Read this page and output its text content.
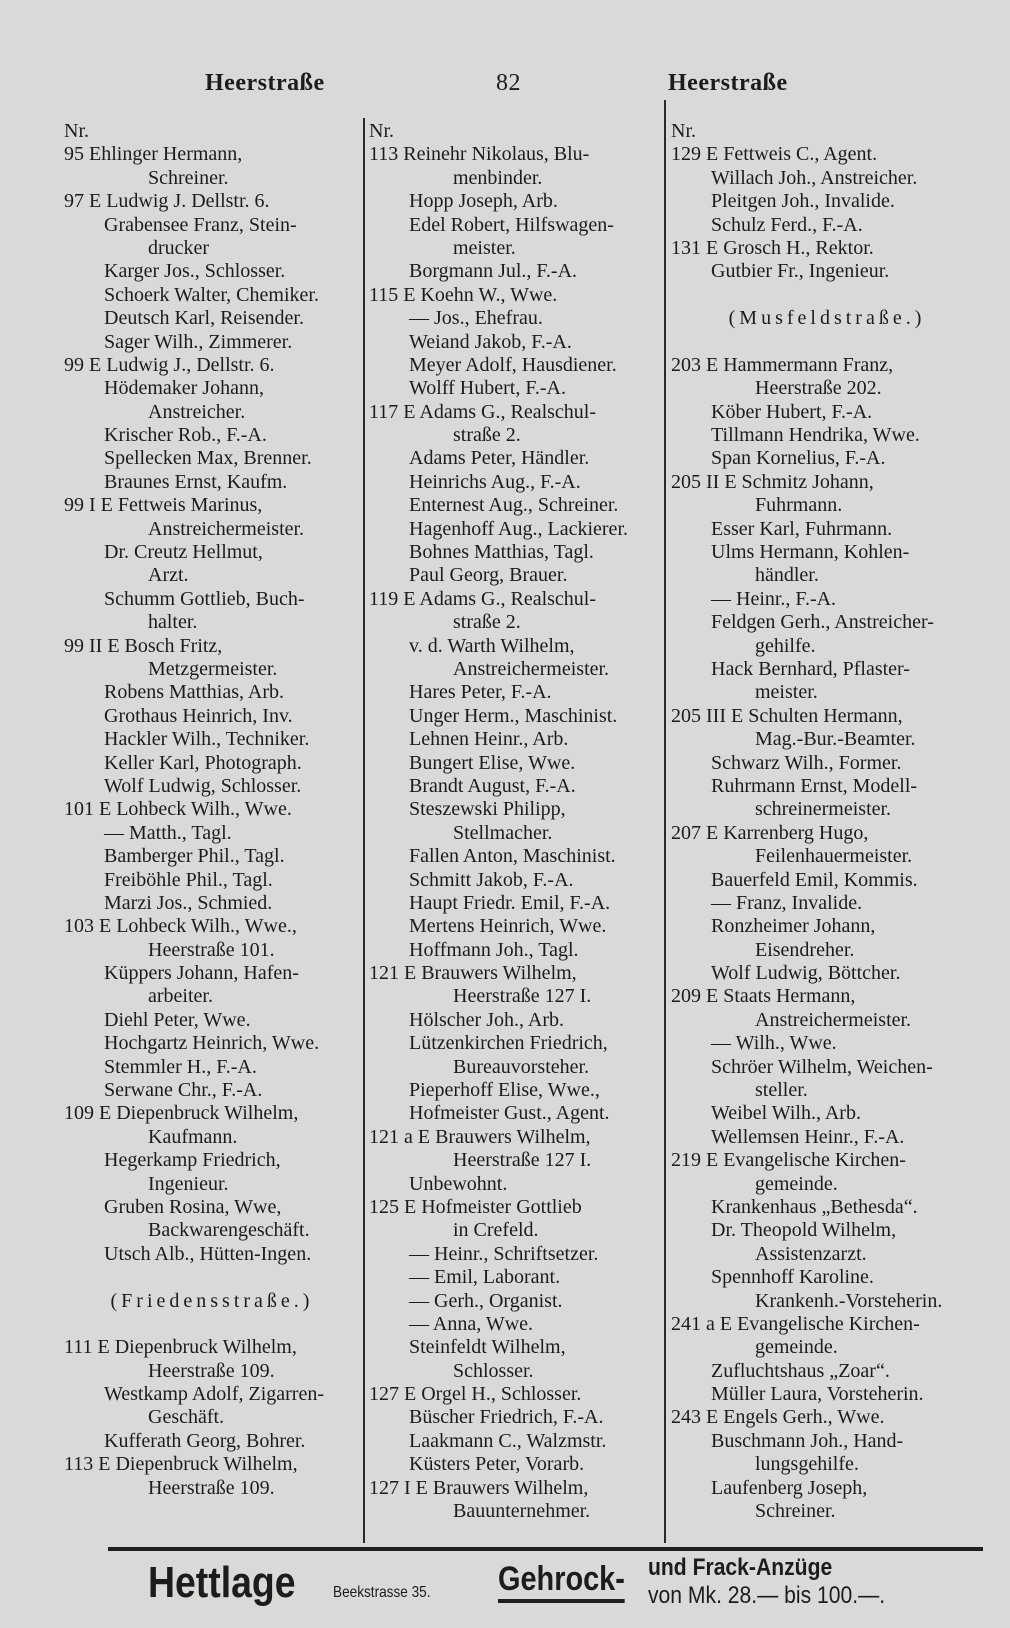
Heerstraße	82	Heerstraße
Nr.
95 Ehlinger Hermann,
Schreiner.
97 E Ludwig J. Dellstr. 6.
Grabensee Franz, Stein-
drucker
Karger Jos., Schlosser.
Schoerk Walter, Chemiker.
Deutsch Karl, Reisender.
Sager Wilh., Zimmerer.
99 E Ludwig J., Dellstr. 6.
Hödemaker Johann,
Anstreicher.
Krischer Rob., F.-A.
Spellecken Max, Brenner.
Braunes Ernst, Kaufm.
99 I E Fettweis Marinus,
Anstreichermeister.
Dr. Creutz Hellmut,
Arzt.
Schumm Gottlieb, Buch-
halter.
99 II E Bosch Fritz,
Metzgermeister.
Robens Matthias, Arb.
Grothaus Heinrich, Inv.
Hackler Wilh., Techniker.
Keller Karl, Photograph.
Wolf Ludwig, Schlosser.
101 E Lohbeck Wilh., Wwe.
— Matth., Tagl.
Bamberger Phil., Tagl.
Freiböhle Phil., Tagl.
Marzi Jos., Schmied.
103 E Lohbeck Wilh., Wwe.,
Heerstraße 101.
Küppers Johann, Hafen-
arbeiter.
Diehl Peter, Wwe.
Hochgartz Heinrich, Wwe.
Stemmler H., F.-A.
Serwane Chr., F.-A.
109 E Diepenbruck Wilhelm,
Kaufmann.
Hegerkamp Friedrich,
Ingenieur.
Gruben Rosina, Wwe,
Backwarengeschäft.
Utsch Alb., Hütten-Ingen.
(Friedensstraße.)
111 E Diepenbruck Wilhelm,
Heerstraße 109.
Westkamp Adolf, Zigarren-
Geschäft.
Kufferath Georg, Bohrer.
113 E Diepenbruck Wilhelm,
Heerstraße 109.
Nr.
113 Reinehr Nikolaus, Blu-
menbinder.
Hopp Joseph, Arb.
Edel Robert, Hilfswagen-
meister.
Borgmann Jul., F.-A.
115 E Koehn W., Wwe.
— Jos., Ehefrau.
Weiand Jakob, F.-A.
Meyer Adolf, Hausdiener.
Wolff Hubert, F.-A.
117 E Adams G., Realschul-
straße 2.
Adams Peter, Händler.
Heinrichs Aug., F.-A.
Enternest Aug., Schreiner.
Hagenhoff Aug., Lackierer.
Bohnes Matthias, Tagl.
Paul Georg, Brauer.
119 E Adams G., Realschul-
straße 2.
v. d. Warth Wilhelm,
Anstreichermeister.
Hares Peter, F.-A.
Unger Herm., Maschinist.
Lehnen Heinr., Arb.
Bungert Elise, Wwe.
Brandt August, F.-A.
Steszewski Philipp,
Stellmacher.
Fallen Anton, Maschinist.
Schmitt Jakob, F.-A.
Haupt Friedr. Emil, F.-A.
Mertens Heinrich, Wwe.
Hoffmann Joh., Tagl.
121 E Brauwers Wilhelm,
Heerstraße 127 I.
Hölscher Joh., Arb.
Lützenkirchen Friedrich,
Bureauvorsteher.
Pieperhoff Elise, Wwe.,
Hofmeister Gust., Agent.
121 a E Brauwers Wilhelm,
Heerstraße 127 I.
Unbewohnt.
125 E Hofmeister Gottlieb
in Crefeld.
— Heinr., Schriftsetzer.
— Emil, Laborant.
— Gerh., Organist.
— Anna, Wwe.
Steinfeldt Wilhelm,
Schlosser.
127 E Orgel H., Schlosser.
Büscher Friedrich, F.-A.
Laakmann C., Walzmstr.
Küsters Peter, Vorarb.
127 I E Brauwers Wilhelm,
Bauunternehmer.
Nr.
129 E Fettweis C., Agent.
Willach Joh., Anstreicher.
Pleitgen Joh., Invalide.
Schulz Ferd., F.-A.
131 E Grosch H., Rektor.
Gutbier Fr., Ingenieur.
(Musfeldstraße.)
203 E Hammermann Franz,
Heerstraße 202.
Köber Hubert, F.-A.
Tillmann Hendrika, Wwe.
Span Kornelius, F.-A.
205 II E Schmitz Johann,
Fuhrmann.
Esser Karl, Fuhrmann.
Ulms Hermann, Kohlen-
händler.
— Heinr., F.-A.
Feldgen Gerh., Anstreicher-
gehilfe.
Hack Bernhard, Pflaster-
meister.
205 III E Schulten Hermann,
Mag.-Bur.-Beamter.
Schwarz Wilh., Former.
Ruhrmann Ernst, Modell-
schreinermeister.
207 E Karrenberg Hugo,
Feilenhauermeister.
Bauerfeld Emil, Kommis.
— Franz, Invalide.
Ronzheimer Johann,
Eisendreher.
Wolf Ludwig, Böttcher.
209 E Staats Hermann,
Anstreichermeister.
— Wilh., Wwe.
Schröer Wilhelm, Weichen-
steller.
Weibel Wilh., Arb.
Wellemsen Heinr., F.-A.
219 E Evangelische Kirchen-
gemeinde.
Krankenhaus „Bethesda“.
Dr. Theopold Wilhelm,
Assistenzarzt.
Spennhoff Karoline.
Krankenh.-Vorsteherin.
241 a E Evangelische Kirchen-
gemeinde.
Zufluchtshaus „Zoar“.
Müller Laura, Vorsteherin.
243 E Engels Gerh., Wwe.
Buschmann Joh., Hand-
lungsgehilfe.
Laufenberg Joseph,
Schreiner.
Hettlage Beekstrasse 35. Gehrock- und Frack-Anzüge
von Mk. 28.— bis 100.—.
